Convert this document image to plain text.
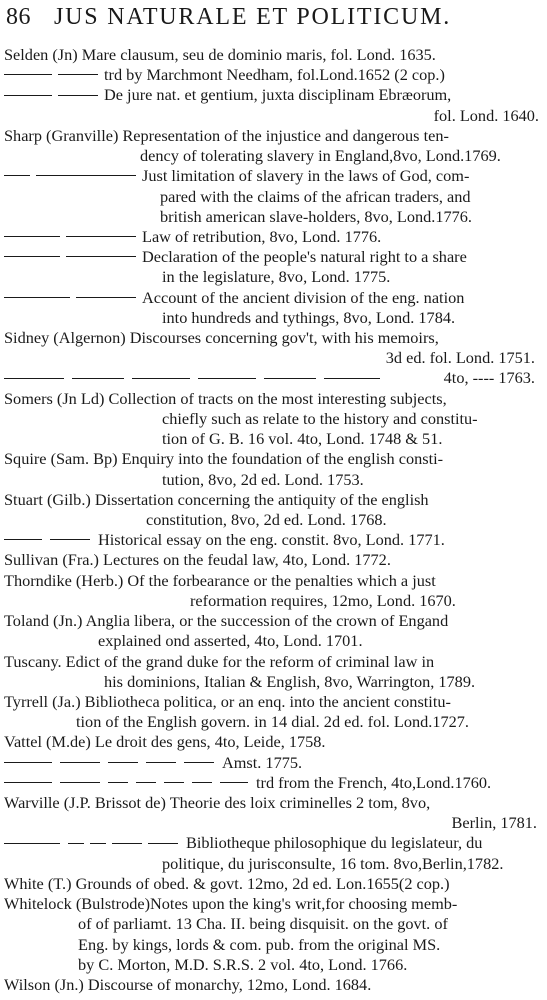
86 JUS NATURALE ET POLITICUM.
Selden (Jn) Mare clausum, seu de dominio maris, fol. Lond. 1635.
trd by Marchmont Needham, fol.Lond.1652 (2 cop.)
De jure nat. et gentium, juxta disciplinam Ebræorum,
fol. Lond. 1640.
Sharp (Granville) Representation of the injustice and dangerous ten-
dency of tolerating slavery in England,8vo, Lond.1769.
Just limitation of slavery in the laws of God, com-
pared with the claims of the african traders, and
british american slave-holders, 8vo, Lond.1776.
Law of retribution, 8vo, Lond. 1776.
Declaration of the people's natural right to a share
in the legislature, 8vo, Lond. 1775.
Account of the ancient division of the eng. nation
into hundreds and tythings, 8vo, Lond. 1784.
Sidney (Algernon) Discourses concerning gov't, with his memoirs,
3d ed. fol. Lond. 1751.
4to, ---- 1763.
Somers (Jn Ld) Collection of tracts on the most interesting subjects,
chiefly such as relate to the history and constitu-
tion of G. B. 16 vol. 4to, Lond. 1748 & 51.
Squire (Sam. Bp) Enquiry into the foundation of the english consti-
tution, 8vo, 2d ed. Lond. 1753.
Stuart (Gilb.) Dissertation concerning the antiquity of the english
constitution, 8vo, 2d ed. Lond. 1768.
Historical essay on the eng. constit. 8vo, Lond. 1771.
Sullivan (Fra.) Lectures on the feudal law, 4to, Lond. 1772.
Thorndike (Herb.) Of the forbearance or the penalties which a just
reformation requires, 12mo, Lond. 1670.
Toland (Jn.) Anglia libera, or the succession of the crown of Engand
explained ond asserted, 4to, Lond. 1701.
Tuscany. Edict of the grand duke for the reform of criminal law in
his dominions, Italian & English, 8vo, Warrington, 1789.
Tyrrell (Ja.) Bibliotheca politica, or an enq. into the ancient constitu-
tion of the English govern. in 14 dial. 2d ed. fol. Lond.1727.
Vattel (M.de) Le droit des gens, 4to, Leide, 1758.
Amst. 1775.
trd from the French, 4to,Lond.1760.
Warville (J.P. Brissot de) Theorie des loix criminelles 2 tom, 8vo,
Berlin, 1781.
Bibliotheque philosophique du legislateur, du
politique, du jurisconsulte, 16 tom. 8vo,Berlin,1782.
White (T.) Grounds of obed. & govt. 12mo, 2d ed. Lon.1655(2 cop.)
Whitelock (Bulstrode)Notes upon the king's writ,for choosing memb-
of of parliamt. 13 Cha. II. being disquisit. on the govt. of
Eng. by kings, lords & com. pub. from the original MS.
by C. Morton, M.D. S.R.S. 2 vol. 4to, Lond. 1766.
Wilson (Jn.) Discourse of monarchy, 12mo, Lond. 1684.
